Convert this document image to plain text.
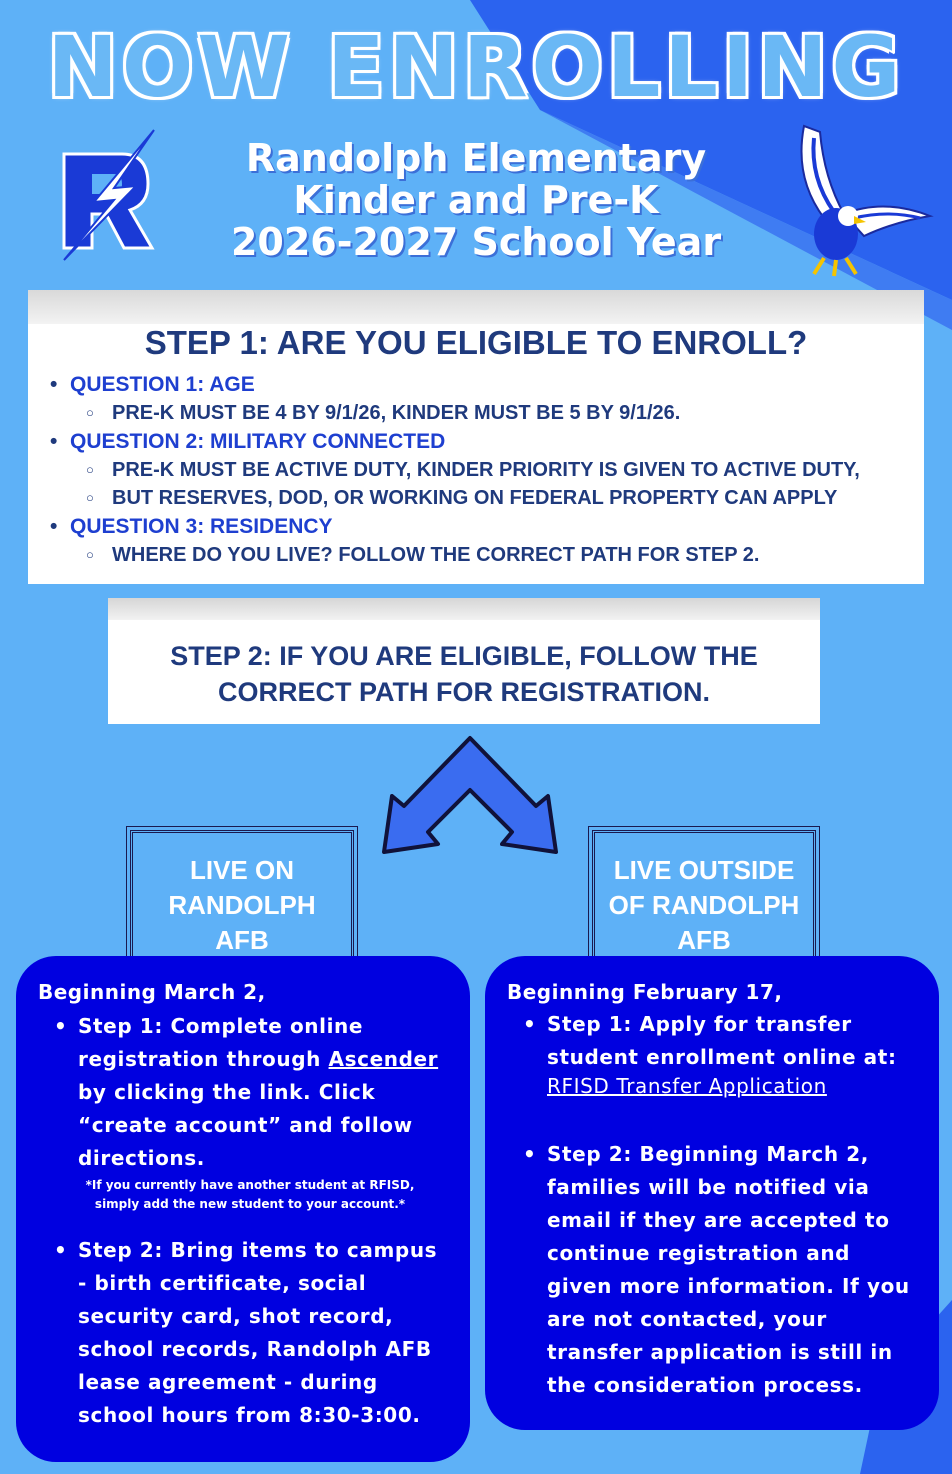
NOW ENROLLING
Randolph Elementary
Kinder and Pre-K
2026-2027 School Year
STEP 1: ARE YOU ELIGIBLE TO ENROLL?
• QUESTION 1: AGE
○ PRE-K MUST BE 4 BY 9/1/26, KINDER MUST BE 5 BY 9/1/26.
• QUESTION 2: MILITARY CONNECTED
○ PRE-K MUST BE ACTIVE DUTY, KINDER PRIORITY IS GIVEN TO ACTIVE DUTY,
○ BUT RESERVES, DOD, OR WORKING ON FEDERAL PROPERTY CAN APPLY
• QUESTION 3: RESIDENCY
○ WHERE DO YOU LIVE? FOLLOW THE CORRECT PATH FOR STEP 2.
STEP 2: IF YOU ARE ELIGIBLE, FOLLOW THE
CORRECT PATH FOR REGISTRATION.
LIVE ON
RANDOLPH
AFB
LIVE OUTSIDE
OF RANDOLPH
AFB
Beginning March 2,
• Step 1: Complete online
registration through Ascender
by clicking the link. Click
“create account” and follow
directions.
*If you currently have another student at RFISD,
simply add the new student to your account.*
• Step 2: Bring items to campus
- birth certificate, social
security card, shot record,
school records, Randolph AFB
lease agreement - during
school hours from 8:30-3:00.
Beginning February 17,
• Step 1: Apply for transfer
student enrollment online at:
RFISD Transfer Application
• Step 2: Beginning March 2,
families will be notified via
email if they are accepted to
continue registration and
given more information. If you
are not contacted, your
transfer application is still in
the consideration process.
